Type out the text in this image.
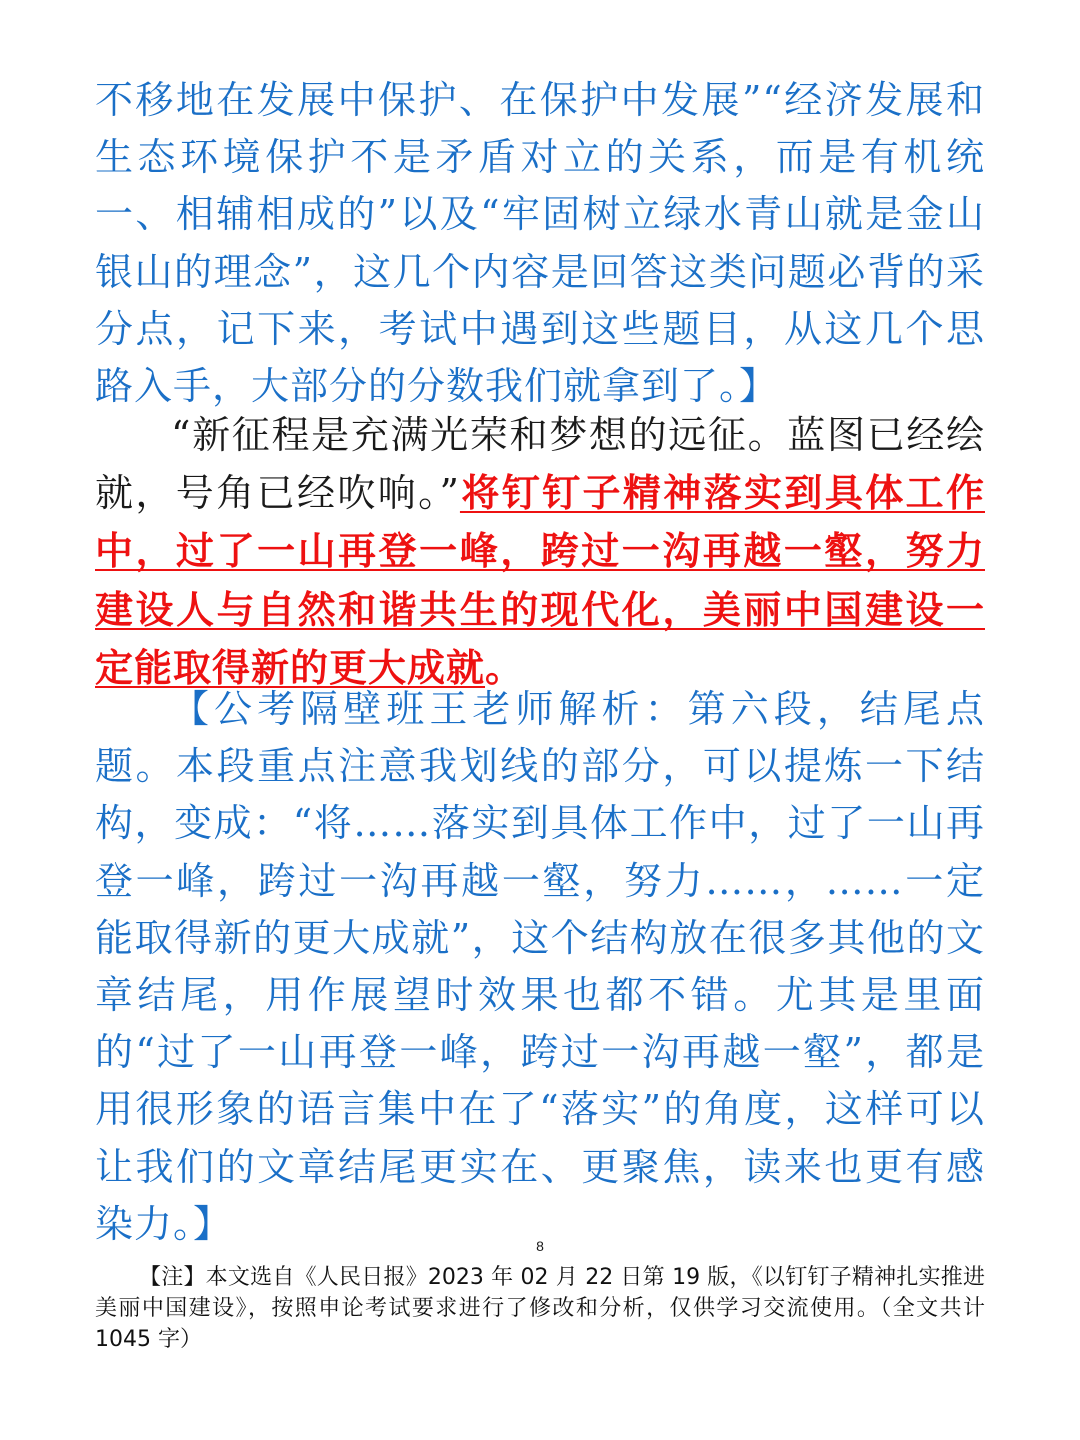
不移地在发展中保护、在保护中发展”“经济发展和生态环境保护不是矛盾对立的关系，而是有机统一、相辅相成的”以及“牢固树立绿水青山就是金山银山的理念”，这几个内容是回答这类问题必背的采分点，记下来，考试中遇到这些题目，从这几个思路入手，大部分的分数我们就拿到了。】

“新征程是充满光荣和梦想的远征。蓝图已经绘就，号角已经吹响。”将钉钉子精神落实到具体工作中，过了一山再登一峰，跨过一沟再越一壑，努力建设人与自然和谐共生的现代化，美丽中国建设一定能取得新的更大成就。

【公考隔壁班王老师解析：第六段，结尾点题。本段重点注意我划线的部分，可以提炼一下结构，变成：“将……落实到具体工作中，过了一山再登一峰，跨过一沟再越一壑，努力……，……一定能取得新的更大成就”，这个结构放在很多其他的文章结尾，用作展望时效果也都不错。尤其是里面的“过了一山再登一峰，跨过一沟再越一壑”，都是用很形象的语言集中在了“落实”的角度，这样可以让我们的文章结尾更实在、更聚焦，读来也更有感染力。】

8

【注】本文选自《人民日报》2023 年 02 月 22 日第 19 版，《以钉钉子精神扎实推进美丽中国建设》，按照申论考试要求进行了修改和分析，仅供学习交流使用。（全文共计 1045 字）
